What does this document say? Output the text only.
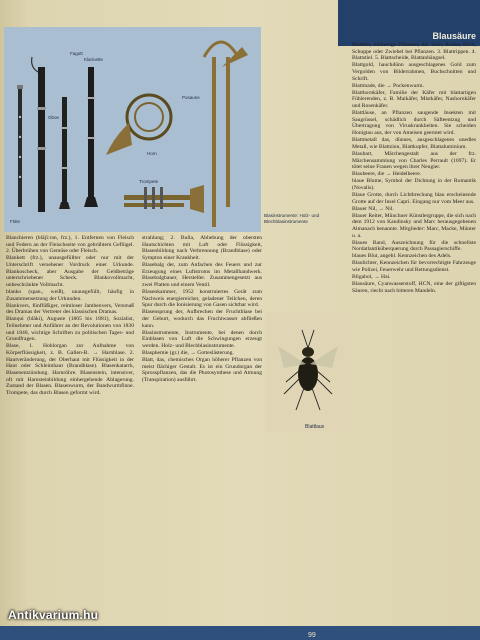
Blausäure
Fagott
Klarinette
Posaune
Oboe
Horn
Trompete
Flöte
Blasinstrumente: Holz- und Blechblasinstrumente
Blattlaus

Blanchieren (blãʃiːrən, frz.), 1. Entfernen von Fleisch und Federn an der Fleischseite von gebrühtem Geflügel. 2. Überbrühen von Gemüse oder Fleisch.

Blankett (frz.), unausgefüllter oder nur mit der Unterschrift versehener Vordruck einer Urkunde. Blankoscheck, aber Ausgabe der Geldbeträge unterschriebener Scheck. Blankovollmacht, unbeschränkte Vollmacht.

blanko (span., weiß), unausgefüllt, häufig in Zusammensetzung der Urkunden.

Blankvers, fünffüßiger, reimloser Jambenvers, Versmaß des Dramas der Vertreter des klassischen Dramas.

Blanqui (blãki), Auguste (1805 bis 1881), Sozialist, Teilnehmer und Anführer an der Revolutionen von 1830 und 1848, wichtige Schriften zu politischen Tages- und Grundfragen.

Blase, 1. Hohlorgan zur Aufnahme von Körperflüssigkeit, z. B. Gallen-B. → Harnblase. 2. Hautveränderung, der Oberhaut mit Flüssigkeit in der Haut oder Schleimhaut (Brandblase). Blasenkatarrh, Blasenentzündung. Harnröhre. Blasenstein, intensiver, oft mit Harnsteinbildung einhergehende Ablagerung. Zustand der Blasen. Blasenwurm, der Bandwurmfinne. Trompete, das durch Blasen geformt wird.

strahlung; 2. Bulla, Abhebung der obersten Hautschichten mit Luft oder Flüssigkeit, Blasenbildung nach Verbrennung (Brandblase) oder Sympton einer Krankheit.

Blasebalg der, zum Anfachen des Feuers und zur Erzeugung eines Luftstroms im Metallhandwerk. Blasebalgbauer, Hersteller. Zusammengesetzt aus zwei Platten und einem Ventil.

Blasenkammer, 1952 konstruiertes Gerät zum Nachweis energiereicher, geladener Teilchen, deren Spur durch die Ionisierung von Gasen sichtbar wird.

Blasensprung der, Aufbrechen der Fruchtblase bei der Geburt, wodurch das Fruchtwasser abfließen kann.

Blasinstrumente, Instrumente, bei denen durch Einblasen von Luft die Schwingungen erzeugt werden. Holz- und Blechblasinstrumente.

Blasphemie (gr.) die, → Gotteslästerung.

Blatt, das, chemisches Organ höherer Pflanzen von meist flächiger Gestalt. Es ist ein Grundorgan der Sprosspflanzen, das die Photosynthese und Atmung (Transpiration) ausführt.

Blattern, blattartige Pflanzen, die Teile, Ranke, Dorn, Schuppe oder Zwiebel bei Pflanzen. 3. Blattrippen. 4. Blattstiel. 5. Blattscheide, Blattanhängsel.

Blattgold, hauchdünn ausgeschlagenes Gold zum Vergolden von Bilderrahmen, Buchschnitten und Schrift.

Blattmade, die → Pockenwurm.

Blatthornkäfer, Familie der Käfer mit blattartigen Fühlerenden, z. B. Maikäfer, Mistkäfer, Nashornkäfer und Rosenkäfer.

Blattläuse, an Pflanzen saugende Insekten mit Saugrüssel, schädlich durch Säfteentzug und Übertragung von Viruskrankheiten. Sie scheiden Honigtau aus, der von Ameisen geerntet wird.

Blattmetall das, dünnes, ausgeschlagenes unedles Metall, wie Blattzinn, Blattkupfer, Blattaluminium.

Blaubart, Märchengestalt aus der frz. Märchensammlung von Charles Perrault (1697). Er tötet seine Frauen wegen ihrer Neugier.

Blaubeere, die → Heidelbeere.

blaue Blume, Symbol der Dichtung in der Romantik (Novalis).

Blaue Grotte, durch Lichtbrechung blau erscheinende Grotte auf der Insel Capri. Eingang nur vom Meer aus.

Blauer Nil, → Nil.

Blauer Reiter, Münchner Künstlergruppe, die sich nach dem 1912 von Kandinsky und Marc herausgegebenen Almanach benannte. Mitglieder: Marc, Macke, Münter u. a.

Blaues Band, Auszeichnung für die schnellste Nordatlantiküberquerung durch Passagierschiffe.

blaues Blut, angebl. Kennzeichen des Adels.

Blaulichter, Kennzeichen für bevorrechtigte Fahrzeuge wie Polizei, Feuerwehr und Rettungsdienst.

Bligahol, → Hai.

Blausäure, Cyanwasserstoff, HCN, eine der giftigsten Säuren, riecht nach bitteren Mandeln.

Antikvarium.hu
99
